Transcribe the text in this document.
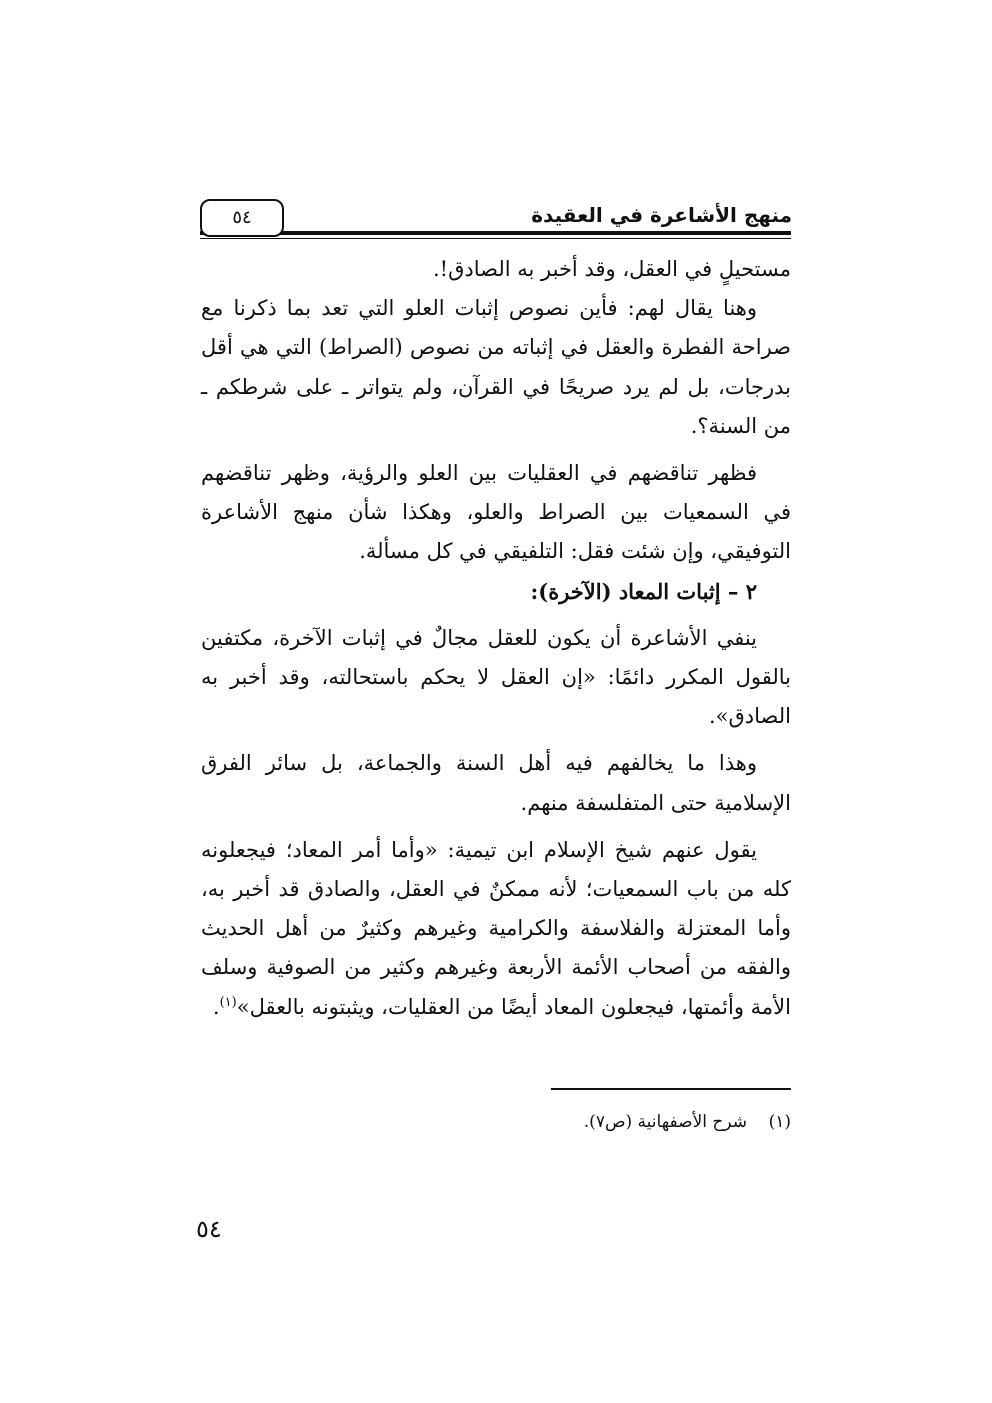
منهج الأشاعرة في العقيدة
٥٤

مستحيلٍ في العقل، وقد أخبر به الصادق!.

وهنا يقال لهم: فأين نصوص إثبات العلو التي تعد بما ذكرنا مع صراحة الفطرة والعقل في إثباته من نصوص (الصراط) التي هي أقل بدرجات، بل لم يرد صريحًا في القرآن، ولم يتواتر ـ على شرطكم ـ من السنة؟.

فظهر تناقضهم في العقليات بين العلو والرؤية، وظهر تناقضهم في السمعيات بين الصراط والعلو، وهكذا شأن منهج الأشاعرة التوفيقي، وإن شئت فقل: التلفيقي في كل مسألة.

٢ – إثبات المعاد (الآخرة):

ينفي الأشاعرة أن يكون للعقل مجالٌ في إثبات الآخرة، مكتفين بالقول المكرر دائمًا: «إن العقل لا يحكم باستحالته، وقد أخبر به الصادق».

وهذا ما يخالفهم فيه أهل السنة والجماعة، بل سائر الفرق الإسلامية حتى المتفلسفة منهم.

يقول عنهم شيخ الإسلام ابن تيمية: «وأما أمر المعاد؛ فيجعلونه كله من باب السمعيات؛ لأنه ممكنٌ في العقل، والصادق قد أخبر به، وأما المعتزلة والفلاسفة والكرامية وغيرهم وكثيرٌ من أهل الحديث والفقه من أصحاب الأئمة الأربعة وغيرهم وكثير من الصوفية وسلف الأمة وأئمتها، فيجعلون المعاد أيضًا من العقليات، ويثبتونه بالعقل»$^{(١)}$.

(١)شرح الأصفهانية (ص٧).
٥٤
